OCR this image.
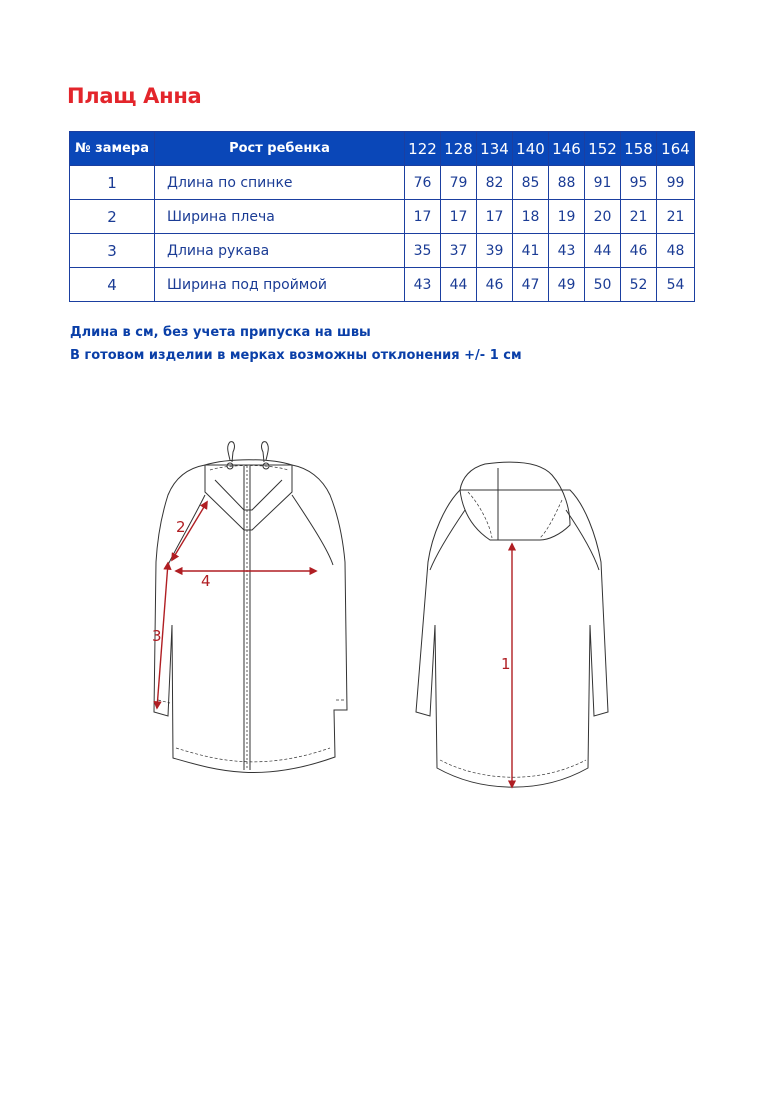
Плащ Анна
№ замера	Рост ребенка	122	128	134	140	146	152	158	164
1	Длина по спинке	76	79	82	85	88	91	95	99
2	Ширина плеча	17	17	17	18	19	20	21	21
3	Длина рукава	35	37	39	41	43	44	46	48
4	Ширина под проймой	43	44	46	47	49	50	52	54
Длина в см, без учета припуска на швы
В готовом изделии в мерках возможны отклонения +/- 1 см
2
3
4
1
